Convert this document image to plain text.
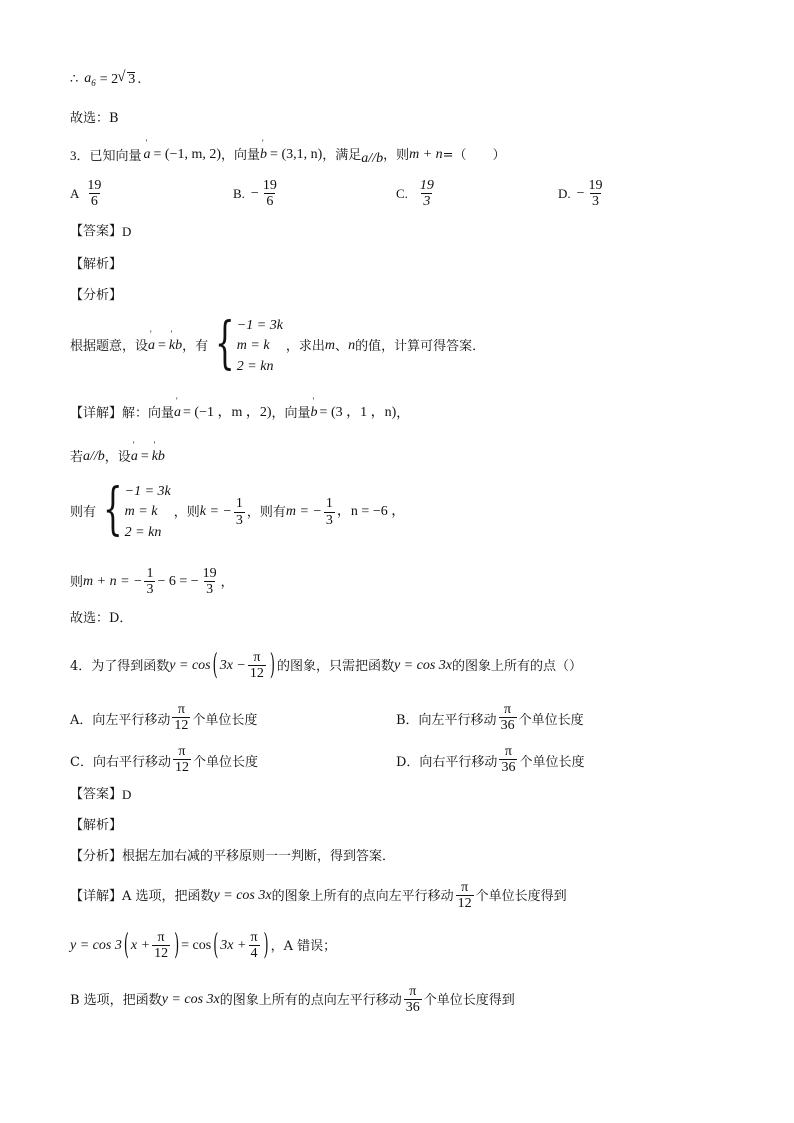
∴ $a_6 = 2$ √ 3 .
故选：B
3．已知向量 ' a = (−1, m, 2) ，向量 ' b = (3,1, n) ，满足 a//b ，则 m + n =（　　）
A $\frac{19}{6}$	B. − $\frac{19}{6}$	C. $\frac{19}{3}$	D. − $\frac{19}{3}$
【答案】 D
【解析】
【分析】
根据题意，设 ' a = ' kb ，有 { −1 = 3k
m = k
2 = kn
，求出 m 、 n 的值，计算可得答案．
【详解】解：向量 ' a = (−1 ，m ，2) ，向量 ' b = (3 ，1 ，n) ，
若 a//b ，设 ' a = ' kb
则有 { −1 = 3k
m = k
2 = kn
，则 k = − $\frac{1}{3}$ ，则有 m = − $\frac{1}{3}$ ，n = −6 ，
则 m + n = − $\frac{1}{3} - 6$ = − $\frac{19}{3}$ ，
故选：D．
4．为了得到函数 y = cos ( $3x - \frac{\pi}{12}$ ) 的图象，只需把函数 y = cos 3x 的图象上所有的点（）
A．向左平行移动 $\frac{\pi}{12}$ 个单位长度	B．向左平行移动 $\frac{\pi}{36}$ 个单位长度
C．向右平行移动 $\frac{\pi}{12}$ 个单位长度	D．向右平行移动 $\frac{\pi}{36}$ 个单位长度
【答案】 D
【解析】
【分析】 根据左加右减的平移原则一一判断，得到答案．
【详解】 A 选项，把函数 y = cos 3x 的图象上所有的点向左平行移动 $\frac{\pi}{12}$ 个单位长度得到
y = cos 3 ( $x + \frac{\pi}{12}$ ) = cos ( $3x + \frac{\pi}{4}$ ) ，A 错误；
B 选项，把函数 y = cos 3x 的图象上所有的点向左平行移动 $\frac{\pi}{36}$ 个单位长度得到
